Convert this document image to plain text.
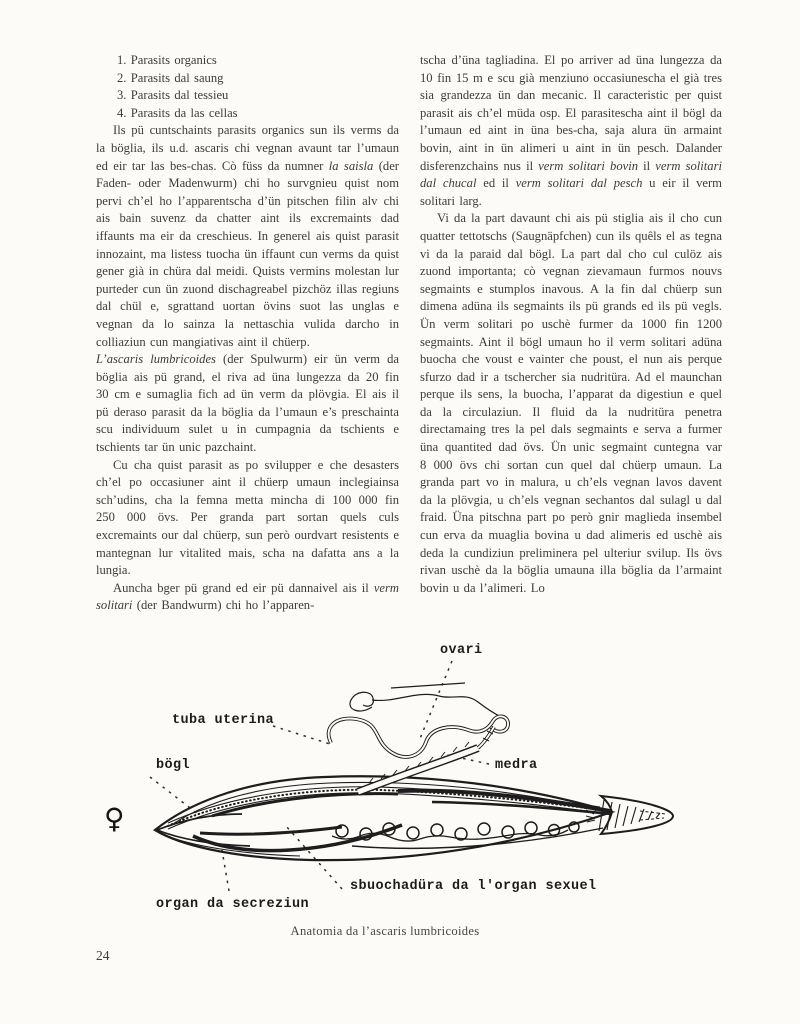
1. Parasits organics
2. Parasits dal saung
3. Parasits dal tessieu
4. Parasits da las cellas

Ils pü cuntschaints parasits organics sun ils verms da la böglia, ils u.d. ascaris chi vegnan avaunt tar l’umaun ed eir tar las bes-chas. Cò füss da numner la saisla (der Faden- oder Madenwurm) chi ho survgnieu quist nom pervi ch’el ho l’apparentscha d’ün pitschen filin alv chi ais bain suvenz da chatter aint ils excremaints dad iffaunts ma eir da creschieus. In generel ais quist parasit innozaint, ma listess tuocha ün iffaunt cun verms da quist gener già in chüra dal meidi. Quists vermins molestan lur purteder cun ün zuond dischagreabel pizchöz illas regiuns dal chül e, sgrattand uortan övins suot las unglas e vegnan da lo sainza la nettaschia vulida darcho in colliaziun cun mangiativas aint il chüerp.

L’ascaris lumbricoides (der Spulwurm) eir ün verm da böglia ais pü grand, el riva ad üna lungezza da 20 fin 30 cm e sumaglia fich ad ün verm da plövgia. El ais il pü deraso parasit da la böglia da l’umaun e’s preschainta scu individuum sulet u in cumpagnia da tschients e tschients tar ün unic pazchaint.

Cu cha quist parasit as po svilupper e che desasters ch’el po occasiuner aint il chüerp umaun inclegiainsa sch’udins, cha la femna metta mincha di 100 000 fin 250 000 övs. Per granda part sortan quels culs excremaints our dal chüerp, sun però ourdvart resistents e mantegnan lur vitalited mais, scha na dafatta ans a la lungia.

Auncha bger pü grand ed eir pü dannaivel ais il verm solitari (der Bandwurm) chi ho l’apparen-

tscha d’üna tagliadina. El po arriver ad üna lungezza da 10 fin 15 m e scu già menziuno occasiunescha el già tres sia grandezza ün dan mecanic. Il caracteristic per quist parasit ais ch’el müda osp. El parasitescha aint il bögl da l’umaun ed aint in üna bes-cha, saja alura ün armaint bovin, aint in ün alimeri u aint in ün pesch. Dalander disferenzchains nus il verm solitari bovin il verm solitari dal chucal ed il verm solitari dal pesch u eir il verm solitari larg.

Vi da la part davaunt chi ais pü stiglia ais il cho cun quatter tettotschs (Saugnäpfchen) cun ils quêls el as tegna vi da la paraid dal bögl. La part dal cho cul culöz ais zuond importanta; cò vegnan zievamaun furmos nouvs segmaints e stumplos inavous. A la fin dal chüerp sun dimena adüna ils segmaints ils pü grands ed ils pü vegls. Ün verm solitari po uschè furmer da 1000 fin 1200 segmaints. Aint il bögl umaun ho il verm solitari adüna buocha che voust e vainter che poust, el nun ais perque sfurzo dad ir a tschercher sia nudritüra. Ad el maunchan perque ils sens, la buocha, l’apparat da digestiun e quel da la circulaziun. Il fluid da la nudritüra penetra directamaing tres la pel dals segmaints e serva a furmer üna quantited dad övs. Ün unic segmaint cuntegna var 8 000 övs chi sortan cun quel dal chüerp umaun. La granda part vo in malura, u ch’els vegnan lavos davent da la plövgia, u ch’els vegnan sechantos dal sulagl u dal fraid. Üna pitschna part po però gnir maglieda insembel cun erva da muaglia bovina u dad alimeris ed uschè ais deda la cundiziun preliminera pel ulteriur svilup. Ils övs rivan uschè da la böglia umauna illa böglia da l’armaint bovin u da l’alimeri. Lo

♀
ovari
tuba uterina
bögl	medra
sbuochadüra da l'organ sexuel
organ da secreziun
Anatomia da l’ascaris lumbricoides
24
